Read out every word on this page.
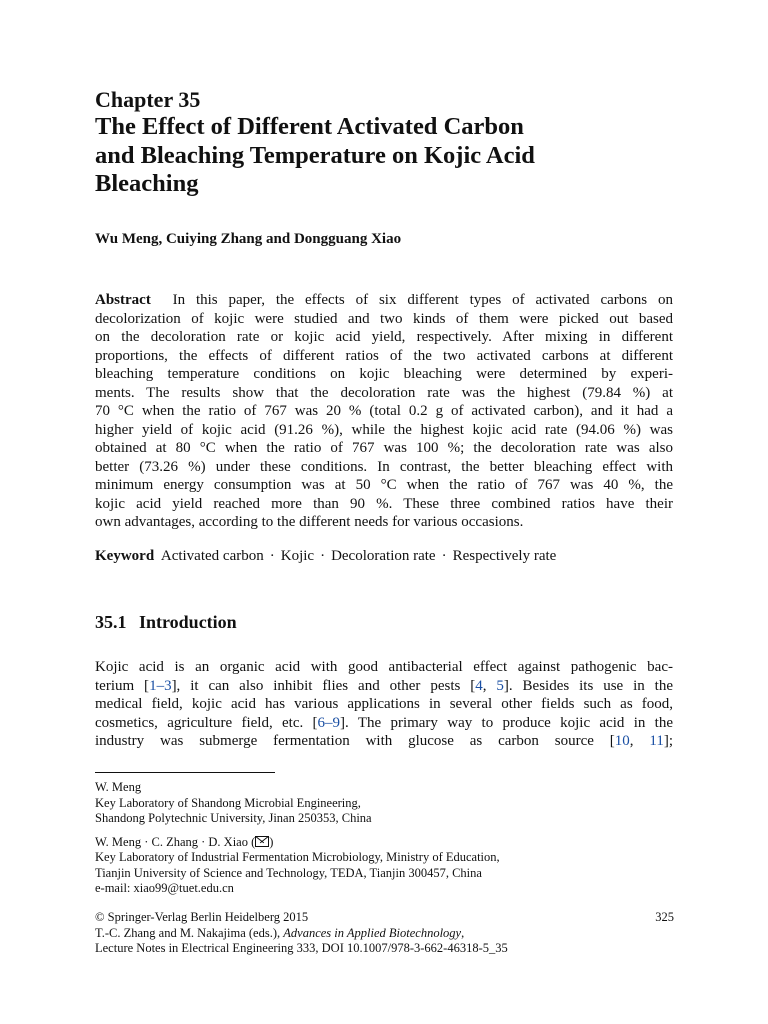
Chapter 35
The Effect of Different Activated Carbon
and Bleaching Temperature on Kojic Acid
Bleaching
Wu Meng, Cuiying Zhang and Dongguang Xiao
Abstract In this paper, the effects of six different types of activated carbons on
decolorization of kojic were studied and two kinds of them were picked out based
on the decoloration rate or kojic acid yield, respectively. After mixing in different
proportions, the effects of different ratios of the two activated carbons at different
bleaching temperature conditions on kojic bleaching were determined by experi-
ments. The results show that the decoloration rate was the highest (79.84 %) at
70 °C when the ratio of 767 was 20 % (total 0.2 g of activated carbon), and it had a
higher yield of kojic acid (91.26 %), while the highest kojic acid rate (94.06 %) was
obtained at 80 °C when the ratio of 767 was 100 %; the decoloration rate was also
better (73.26 %) under these conditions. In contrast, the better bleaching effect with
minimum energy consumption was at 50 °C when the ratio of 767 was 40 %, the
kojic acid yield reached more than 90 %. These three combined ratios have their
own advantages, according to the different needs for various occasions.
Keyword Activated carbon · Kojic · Decoloration rate · Respectively rate
35.1 Introduction
Kojic acid is an organic acid with good antibacterial effect against pathogenic bac-
terium [1–3], it can also inhibit flies and other pests [4, 5]. Besides its use in the
medical field, kojic acid has various applications in several other fields such as food,
cosmetics, agriculture field, etc. [6–9]. The primary way to produce kojic acid in the
industry was submerge fermentation with glucose as carbon source [10, 11];
W. Meng
Key Laboratory of Shandong Microbial Engineering,
Shandong Polytechnic University, Jinan 250353, China
W. Meng · C. Zhang · D. Xiao ( )
Key Laboratory of Industrial Fermentation Microbiology, Ministry of Education,
Tianjin University of Science and Technology, TEDA, Tianjin 300457, China
e-mail: xiao99@tuet.edu.cn
© Springer-Verlag Berlin Heidelberg 2015
T.-C. Zhang and M. Nakajima (eds.), Advances in Applied Biotechnology,
Lecture Notes in Electrical Engineering 333, DOI 10.1007/978-3-662-46318-5_35
325
